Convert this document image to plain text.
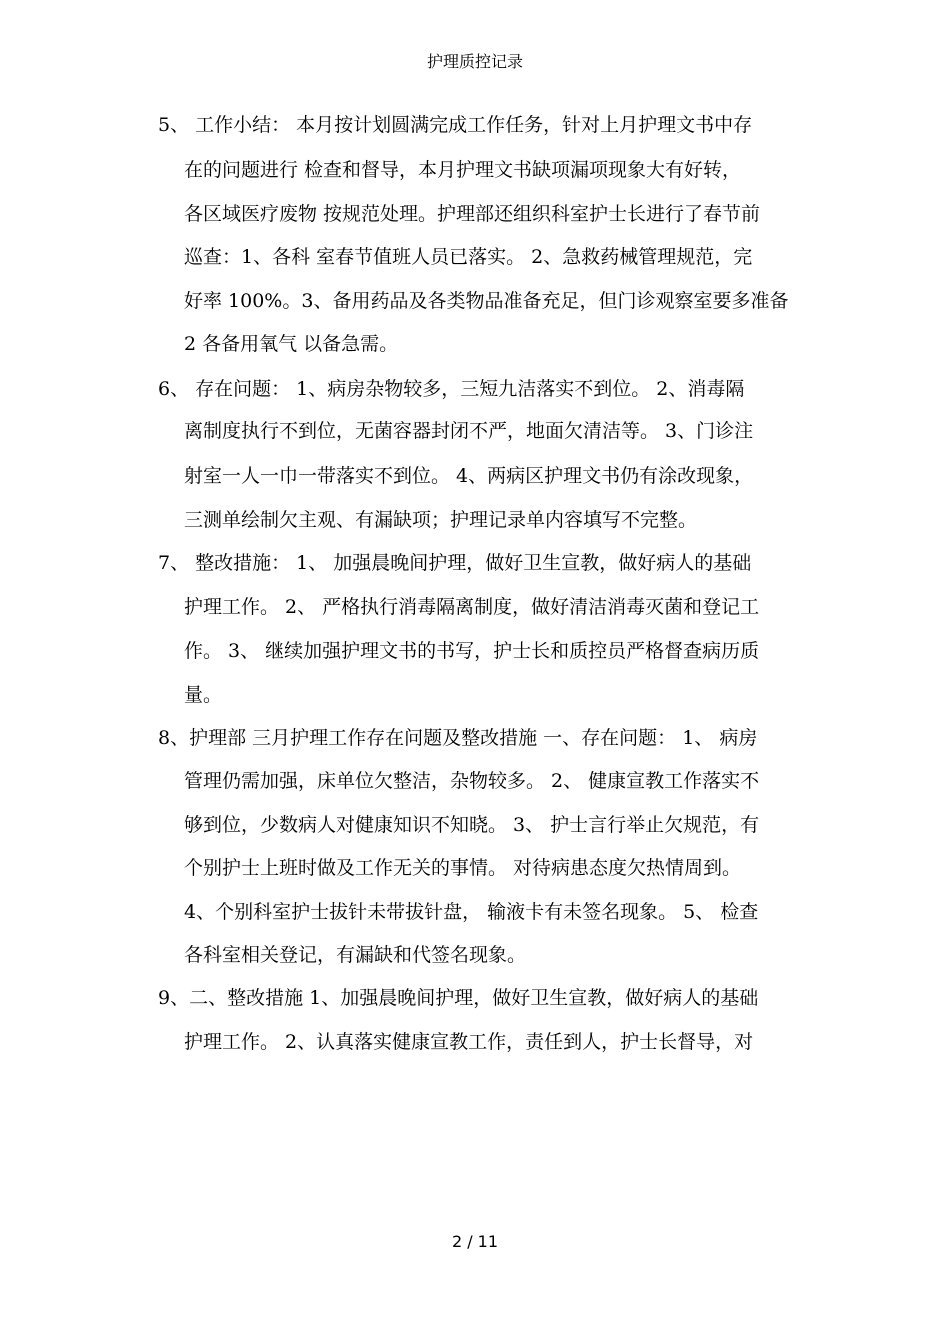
护理质控记录
5、 工作小结： 本月按计划圆满完成工作任务，针对上月护理文书中存
在的问题进行 检查和督导，本月护理文书缺项漏项现象大有好转，
各区域医疗废物 按规范处理。护理部还组织科室护士长进行了春节前
巡查：1、各科 室春节值班人员已落实。 2、急救药械管理规范，完
好率 100%。3、备用药品及各类物品准备充足，但门诊观察室要多准备
2 各备用氧气 以备急需。
6、 存在问题： 1、病房杂物较多，三短九洁落实不到位。 2、消毒隔
离制度执行不到位，无菌容器封闭不严，地面欠清洁等。 3、门诊注
射室一人一巾一带落实不到位。 4、两病区护理文书仍有涂改现象，
三测单绘制欠主观、有漏缺项；护理记录单内容填写不完整。
7、 整改措施： 1、 加强晨晚间护理，做好卫生宣教，做好病人的基础
护理工作。 2、 严格执行消毒隔离制度，做好清洁消毒灭菌和登记工
作。 3、 继续加强护理文书的书写，护士长和质控员严格督查病历质
量。
8、护理部 三月护理工作存在问题及整改措施 一、存在问题： 1、 病房
管理仍需加强，床单位欠整洁，杂物较多。 2、 健康宣教工作落实不
够到位，少数病人对健康知识不知晓。 3、 护士言行举止欠规范，有
个别护士上班时做及工作无关的事情。 对待病患态度欠热情周到。
4、个别科室护士拔针未带拔针盘， 输液卡有未签名现象。 5、 检查
各科室相关登记，有漏缺和代签名现象。
9、二、整改措施 1、加强晨晚间护理，做好卫生宣教，做好病人的基础
护理工作。 2、认真落实健康宣教工作，责任到人，护士长督导，对
2 / 11
